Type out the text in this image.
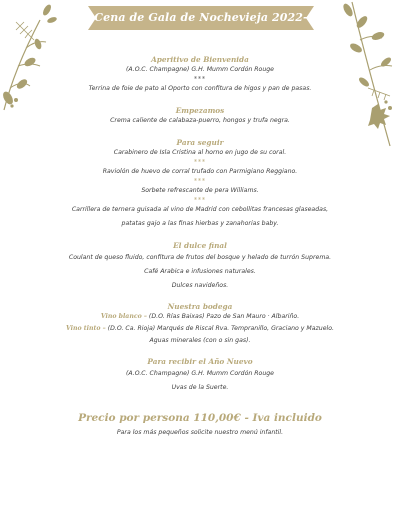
Cena de Gala de Nochevieja 2022-23
Aperitivo de Bienvenida
(A.O.C. Champagne) G.H. Mumm Cordón Rouge
***
Terrina de foie de pato al Oporto con confitura de higos y pan de pasas.
Empezamos
Crema caliente de calabaza-puerro, hongos y trufa negra.
Para seguir
Carabinero de Isla Cristina al horno en jugo de su coral.
***
Raviolón de huevo de corral trufado con Parmigiano Reggiano.
***
Sorbete refrescante de pera Williams.
***
Carrillera de ternera guisada al vino de Madrid con cebollitas francesas glaseadas,
patatas gajo a las finas hierbas y zanahorias baby.
El dulce final
Coulant de queso fluido, confitura de frutos del bosque y helado de turrón Suprema.
Café Arabica e infusiones naturales.
Dulces navideños.
Nuestra bodega
Vino blanco – (D.O. Rías Baixas) Pazo de San Mauro · Albariño.
Vino tinto – (D.O. Ca. Rioja) Marqués de Riscal Rva. Tempranillo, Graciano y Mazuelo.
Aguas minerales (con o sin gas).
Para recibir el Año Nuevo
(A.O.C. Champagne) G.H. Mumm Cordón Rouge
Uvas de la Suerte.
Precio por persona 110,00€ - Iva incluido
Para los más pequeños solicite nuestro menú infantil.
